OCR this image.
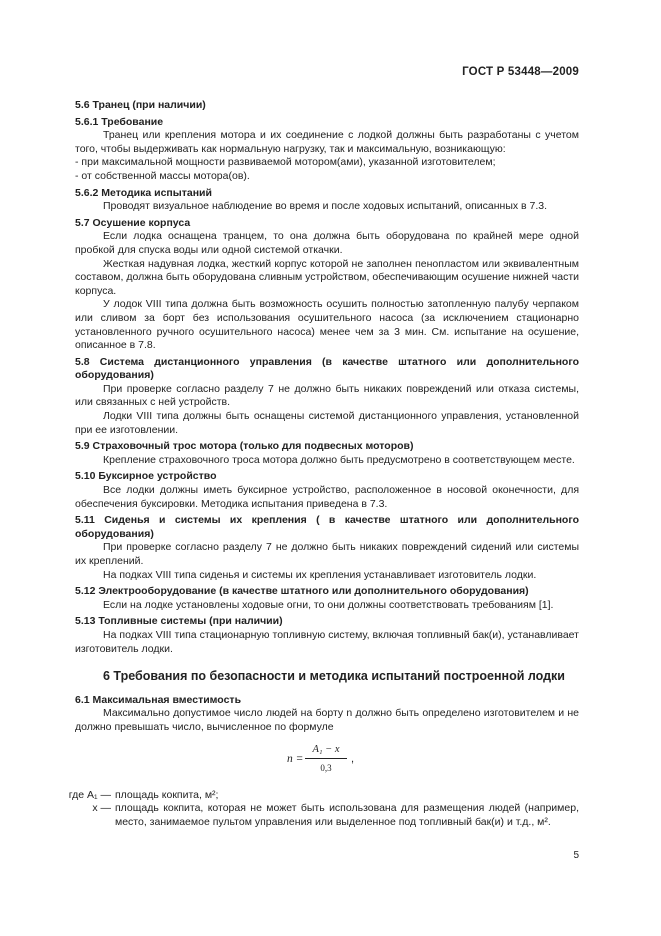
ГОСТ Р 53448—2009

5.6 Транец (при наличии)

5.6.1 Требование

Транец или крепления мотора и их соединение с лодкой должны быть разработаны с учетом того, чтобы выдерживать как нормальную нагрузку, так и максимальную, возникающую:

- при максимальной мощности развиваемой мотором(ами), указанной изготовителем;

- от собственной массы мотора(ов).

5.6.2 Методика испытаний

Проводят визуальное наблюдение во время и после ходовых испытаний, описанных в 7.3.

5.7 Осушение корпуса

Если лодка оснащена транцем, то она должна быть оборудована по крайней мере одной пробкой для спуска воды или одной системой откачки.

Жесткая надувная лодка, жесткий корпус которой не заполнен пенопластом или эквивалентным составом, должна быть оборудована сливным устройством, обеспечивающим осушение нижней части корпуса.

У лодок VIII типа должна быть возможность осушить полностью затопленную палубу черпаком или сливом за борт без использования осушительного насоса (за исключением стационарно установленного ручного осушительного насоса) менее чем за 3 мин. См. испытание на осушение, описанное в 7.8.

5.8 Система дистанционного управления (в качестве штатного или дополнительного оборудования)

При проверке согласно разделу 7 не должно быть никаких повреждений или отказа системы, или связанных с ней устройств.

Лодки VIII типа должны быть оснащены системой дистанционного управления, установленной при ее изготовлении.

5.9 Страховочный трос мотора (только для подвесных моторов)

Крепление страховочного троса мотора должно быть предусмотрено в соответствующем месте.

5.10 Буксирное устройство

Все лодки должны иметь буксирное устройство, расположенное в носовой оконечности, для обеспечения буксировки. Методика испытания приведена в 7.3.

5.11 Сиденья и системы их крепления ( в качестве штатного или дополнительного оборудования)

При проверке согласно разделу 7 не должно быть никаких повреждений сидений или системы их креплений.

На подках VIII типа сиденья и системы их крепления устанавливает изготовитель лодки.

5.12 Электрооборудование (в качестве штатного или дополнительного оборудования)

Если на лодке установлены ходовые огни, то они должны соответствовать требованиям [1].

5.13 Топливные системы (при наличии)

На подках VIII типа стационарную топливную систему, включая топливный бак(и), устанавливает изготовитель лодки.

6 Требования по безопасности и методика испытаний построенной лодки

6.1 Максимальная вместимость

Максимально допустимое число людей на борту n должно быть определено изготовителем и не должно превышать число, вычисленное по формуле

$n = \frac{\text{A₁ − x}}{0,3}$ ,
где A₁ — площадь кокпита, м²;
x — площадь кокпита, которая не может быть использована для размещения людей (например, место, занимаемое пультом управления или выделенное под топливный бак(и) и т.д., м².
5
